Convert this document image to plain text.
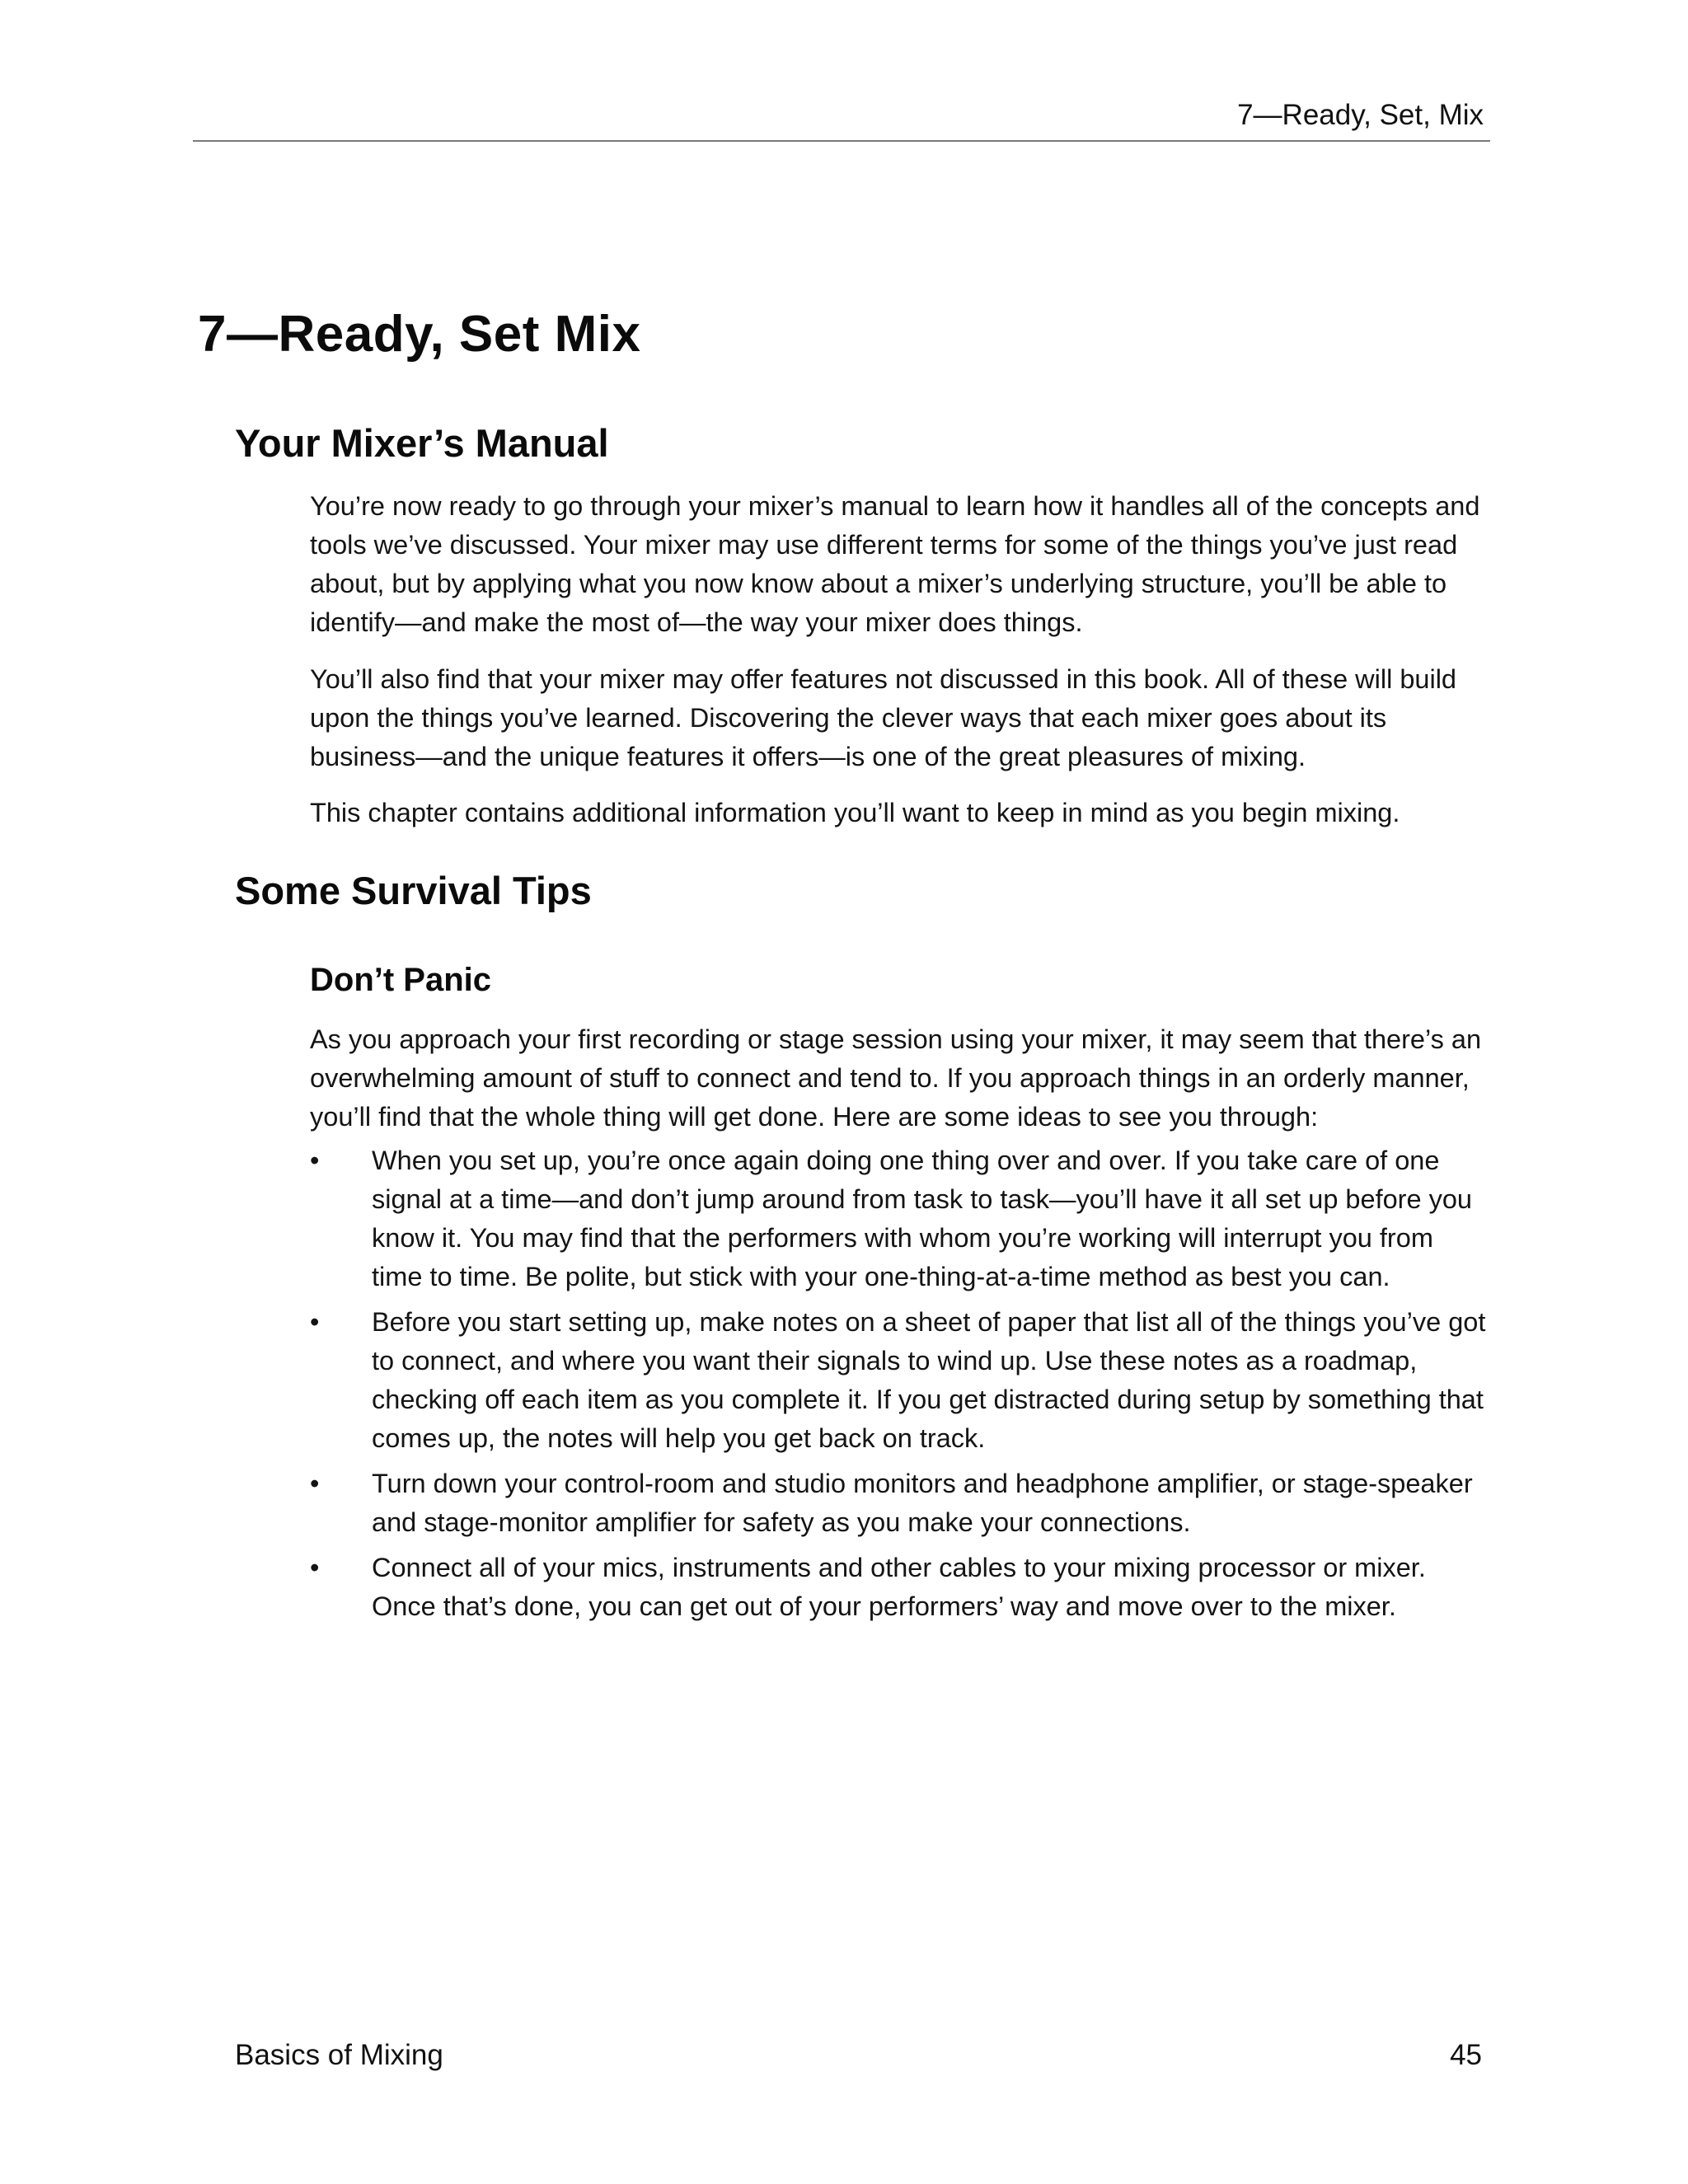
7—Ready, Set, Mix
7—Ready, Set Mix
Your Mixer’s Manual

You’re now ready to go through your mixer’s manual to learn how it handles all of the concepts and tools we’ve discussed. Your mixer may use different terms for some of the things you’ve just read about, but by applying what you now know about a mixer’s underlying structure, you’ll be able to identify—and make the most of—the way your mixer does things.

You’ll also find that your mixer may offer features not discussed in this book. All of these will build upon the things you’ve learned. Discovering the clever ways that each mixer goes about its business—and the unique features it offers—is one of the great pleasures of mixing.

This chapter contains additional information you’ll want to keep in mind as you begin mixing.

Some Survival Tips
Don’t Panic

As you approach your first recording or stage session using your mixer, it may seem that there’s an overwhelming amount of stuff to connect and tend to. If you approach things in an orderly manner, you’ll find that the whole thing will get done. Here are some ideas to see you through:

• When you set up, you’re once again doing one thing over and over. If you take care of one signal at a time—and don’t jump around from task to task—you’ll have it all set up before you know it. You may find that the performers with whom you’re working will interrupt you from time to time. Be polite, but stick with your one-thing-at-a-time method as best you can.
• Before you start setting up, make notes on a sheet of paper that list all of the things you’ve got to connect, and where you want their signals to wind up. Use these notes as a roadmap, checking off each item as you complete it. If you get distracted during setup by something that comes up, the notes will help you get back on track.
• Turn down your control-room and studio monitors and headphone amplifier, or stage-speaker and stage-monitor amplifier for safety as you make your connections.
• Connect all of your mics, instruments and other cables to your mixing processor or mixer. Once that’s done, you can get out of your performers’ way and move over to the mixer.
Basics of Mixing	45
